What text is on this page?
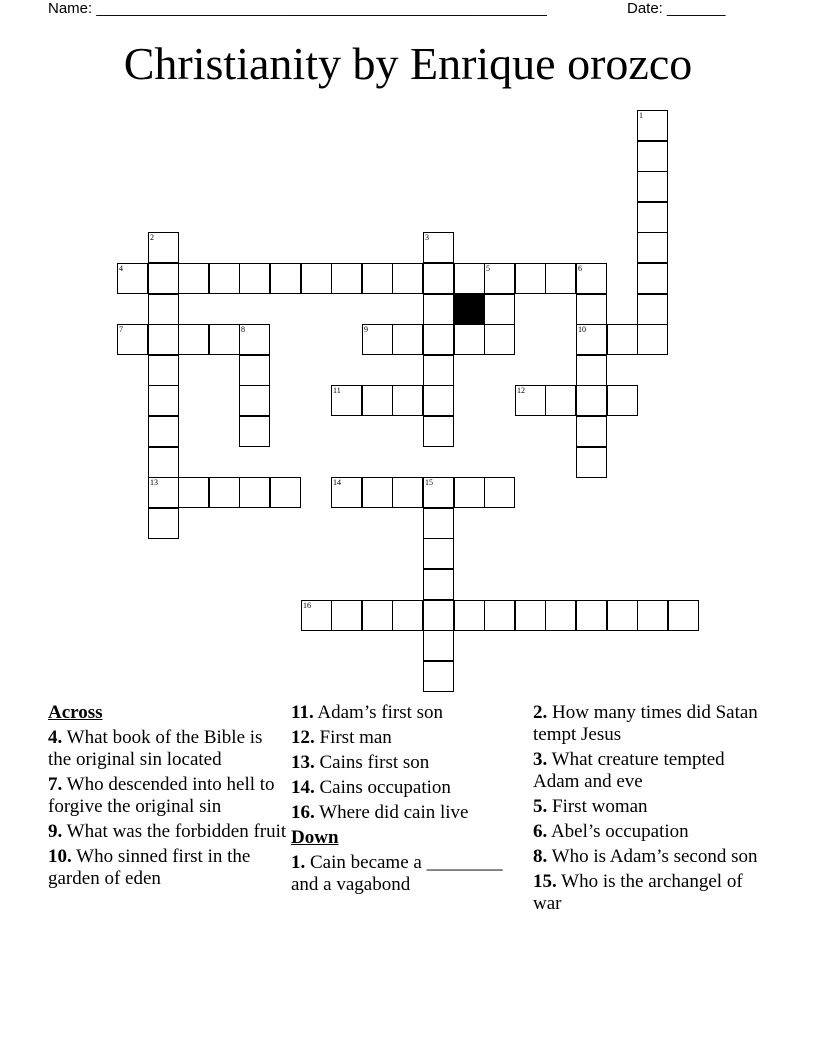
Name: ______________________________________________________	Date: _______
Christianity by Enrique orozco
1
2	3
4	5	6
7	8	9	10
11	12
13	14	15
16
Across
4. What book of the Bible is the original sin located
7. Who descended into hell to forgive the original sin
9. What was the forbidden fruit
10. Who sinned first in the garden of eden
11. Adam’s first son
12. First man
13. Cains first son
14. Cains occupation
16. Where did cain live
Down
1. Cain became a ________ and a vagabond
2. How many times did Satan tempt Jesus
3. What creature tempted Adam and eve
5. First woman
6. Abel’s occupation
8. Who is Adam’s second son
15. Who is the archangel of war
